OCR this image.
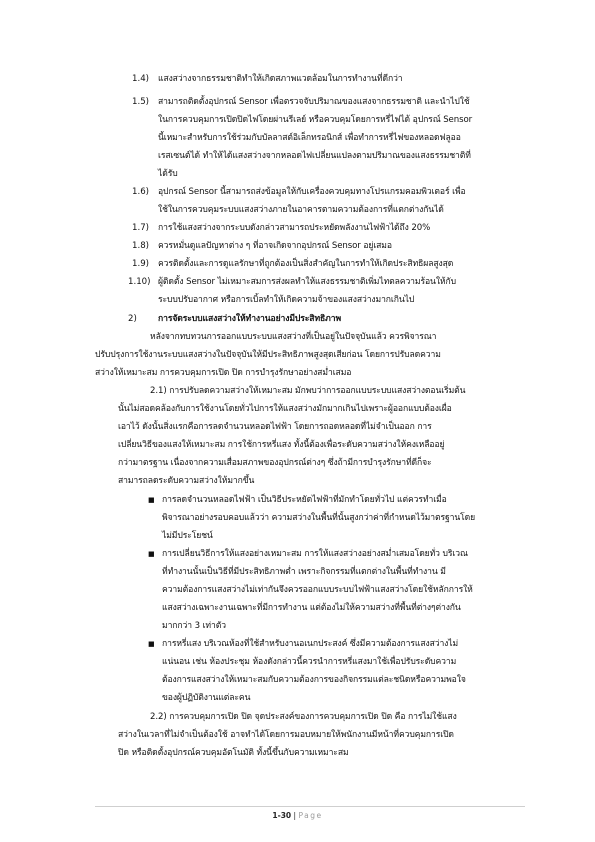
1.4) แสงสว่างจากธรรมชาติทำให้เกิดสภาพแวดล้อมในการทำงานที่ดีกว่า
1.5) สามารถติดตั้งอุปกรณ์ Sensor เพื่อตรวจจับปริมาณของแสงจากธรรมชาติ และนำไปใช้
ในการควบคุมการเปิดปิดไฟโดยผ่านรีเลย์ หรือควบคุมโดยการหรี่ไฟได้ อุปกรณ์ Sensor
นี้เหมาะสำหรับการใช้ร่วมกับบัลลาสต์อิเล็กทรอนิกส์ เพื่อทำการหรี่ไฟของหลอดฟลูออ
เรสเซนต์ได้ ทำให้ได้แสงสว่างจากหลอดไฟเปลี่ยนแปลงตามปริมาณของแสงธรรมชาติที่
ได้รับ
1.6) อุปกรณ์ Sensor นี้สามารถส่งข้อมูลให้กับเครื่องควบคุมทางโปรแกรมคอมพิวเตอร์ เพื่อ
ใช้ในการควบคุมระบบแสงสว่างภายในอาคารตามความต้องการที่แตกต่างกันได้
1.7) การใช้แสงสว่างจากระบบดังกล่าวสามารถประหยัดพลังงานไฟฟ้าได้ถึง 20%
1.8) ควรหมั่นดูแลปัญหาต่าง ๆ ที่อาจเกิดจากอุปกรณ์ Sensor อยู่เสมอ
1.9) ควรติดตั้งและการดูแลรักษาที่ถูกต้องเป็นสิ่งสำคัญในการทำให้เกิดประสิทธิผลสูงสุด
1.10) ผู้ติดตั้ง Sensor ไม่เหมาะสมการส่งผลทำให้แสงธรรมชาติเพิ่มไทตลความร้อนให้กับ
ระบบปรับอากาศ หรือการเบิ้ลทำให้เกิดความจ้าของแสงสว่างมากเกินไป
2) การจัดระบบแสงสว่างให้ทำงานอย่างมีประสิทธิภาพ
หลังจากทบทวนการออกแบบระบบแสงสว่างที่เป็นอยู่ในปัจจุบันแล้ว ควรพิจารณา
ปรับปรุงการใช้งานระบบแสงสว่างในปัจจุบันให้มีประสิทธิภาพสูงสุดเสียก่อน โดยการปรับลดความ
สว่างให้เหมาะสม การควบคุมการเปิด ปิด การบำรุงรักษาอย่างสม่ำเสมอ
2.1) การปรับลดความสว่างให้เหมาะสม มักพบว่าการออกแบบระบบแสงสว่างตอนเริ่มต้น
นั้นไม่สอดคล้องกับการใช้งานโดยทั่วไปการให้แสงสว่างมักมากเกินไปเพราะผู้ออกแบบต้องเผื่อ
เอาไว้ ดังนั้นสิ่งแรกคือการลดจำนวนหลอดไฟฟ้า โดยการถอดหลอดที่ไม่จำเป็นออก การ
เปลี่ยนวิธีของแสงให้เหมาะสม การใช้การหรี่แสง ทั้งนี้ต้องเพื่อระดับความสว่างให้คงเหลืออยู่
กว่ามาตรฐาน เนื่องจากความเสื่อมสภาพของอุปกรณ์ต่างๆ ซึ่งถ้ามีการบำรุงรักษาที่ดีก็จะ
สามารถลดระดับความสว่างให้มากขึ้น
■ การลดจำนวนหลอดไฟฟ้า เป็นวิธีประหยัดไฟฟ้าที่มักทำโดยทั่วไป แต่ควรทำเมื่อ
พิจารณาอย่างรอบคอบแล้วว่า ความสว่างในพื้นที่นั้นสูงกว่าค่าที่กำหนดไว้มาตรฐานโดย
ไม่มีประโยชน์
■ การเปลี่ยนวิธีการให้แสงอย่างเหมาะสม การให้แสงสว่างอย่างสม่ำเสมอโดยทั่ว บริเวณ
ที่ทำงานนั้นเป็นวิธีที่มีประสิทธิภาพต่ำ เพราะกิจกรรมที่แตกต่างในพื้นที่ทำงาน มี
ความต้องการแสงสว่างไม่เท่ากันจึงควรออกแบบระบบไฟฟ้าแสงสว่างโดยใช้หลักการให้
แสงสว่างเฉพาะงานเฉพาะที่มีการทำงาน แต่ต้องไม่ให้ความสว่างที่พื้นที่ต่างๆต่างกัน
มากกว่า 3 เท่าตัว
■ การหรี่แสง บริเวณห้องที่ใช้สำหรับงานอเนกประสงค์ ซึ่งมีความต้องการแสงสว่างไม่
แน่นอน เช่น ห้องประชุม ห้องดังกล่าวนี้ควรนำการหรี่แสงมาใช้เพื่อปรับระดับความ
ต้องการแสงสว่างให้เหมาะสมกับความต้องการของกิจกรรมแต่ละชนิดหรือความพอใจ
ของผู้ปฏิบัติงานแต่ละคน
2.2) การควบคุมการเปิด ปิด จุดประสงค์ของการควบคุมการเปิด ปิด คือ การไม่ใช้แสง
สว่างในเวลาที่ไม่จำเป็นต้องใช้ อาจทำได้โดยการมอบหมายให้พนักงานมีหน้าที่ควบคุมการเปิด
ปิด หรือติดตั้งอุปกรณ์ควบคุมอัตโนมัติ ทั้งนี้ขึ้นกับความเหมาะสม
1-30 | Page
